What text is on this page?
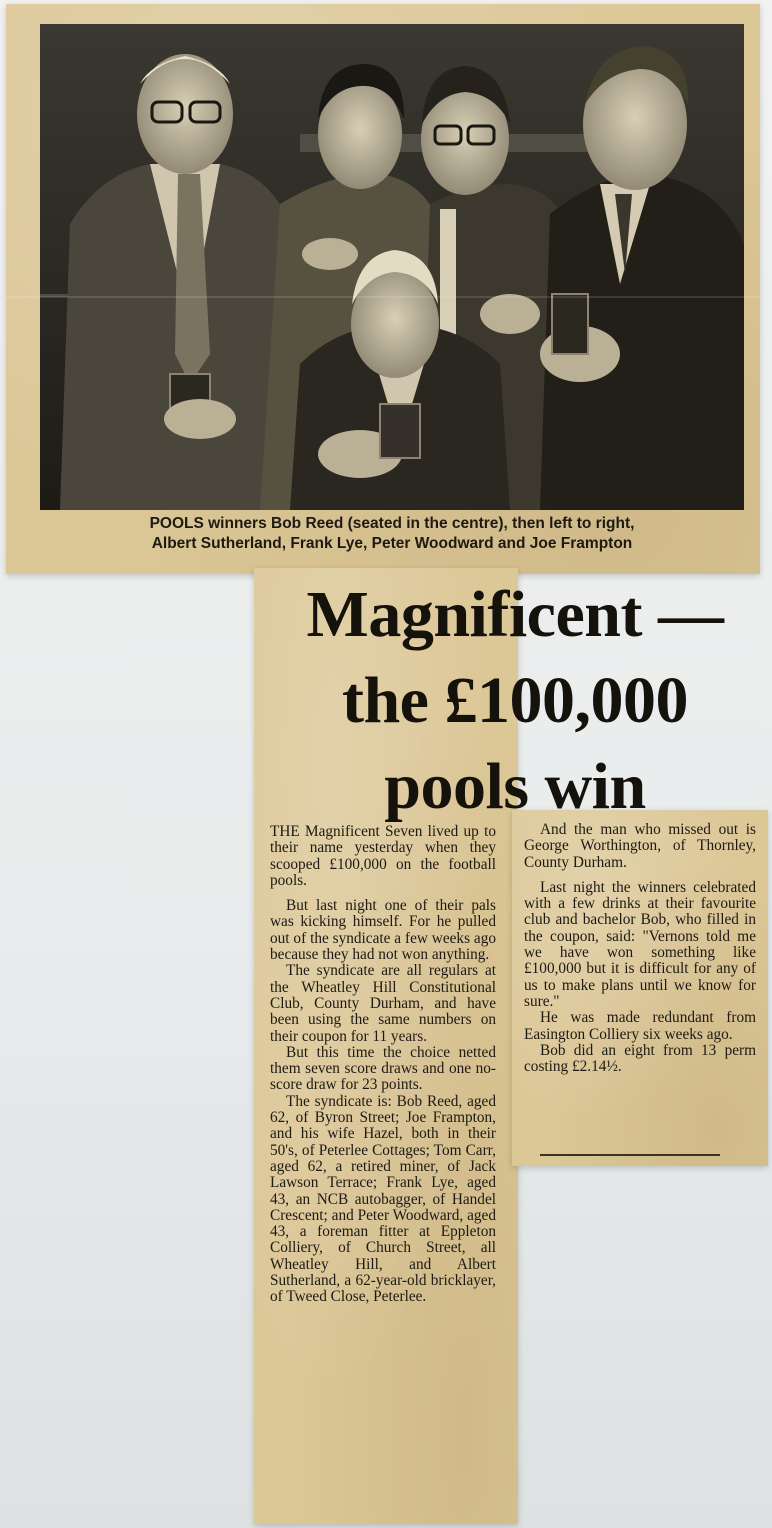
POOLS winners Bob Reed (seated in the centre), then left to right,
Albert Sutherland, Frank Lye, Peter Woodward and Joe Frampton
Magnificent —
the £100,000
pools win

THE Magnificent Seven lived up to their name yesterday when they scooped £100,000 on the football pools.

But last night one of their pals was kicking himself. For he pulled out of the syndicate a few weeks ago because they had not won anything.

The syndicate are all regulars at the Wheatley Hill Constitutional Club, County Durham, and have been using the same numbers on their coupon for 11 years.

But this time the choice netted them seven score draws and one no-score draw for 23 points.

The syndicate is: Bob Reed, aged 62, of Byron Street; Joe Frampton, and his wife Hazel, both in their 50's, of Peterlee Cottages; Tom Carr, aged 62, a retired miner, of Jack Lawson Terrace; Frank Lye, aged 43, an NCB autobagger, of Handel Crescent; and Peter Woodward, aged 43, a foreman fitter at Eppleton Colliery, of Church Street, all Wheatley Hill, and Albert Sutherland, a 62-year-old bricklayer, of Tweed Close, Peterlee.

And the man who missed out is George Worthington, of Thornley, County Durham.

Last night the winners celebrated with a few drinks at their favourite club and bachelor Bob, who filled in the coupon, said: "Vernons told me we have won something like £100,000 but it is difficult for any of us to make plans until we know for sure."

He was made redundant from Easington Colliery six weeks ago.

Bob did an eight from 13 perm costing £2.14½.
